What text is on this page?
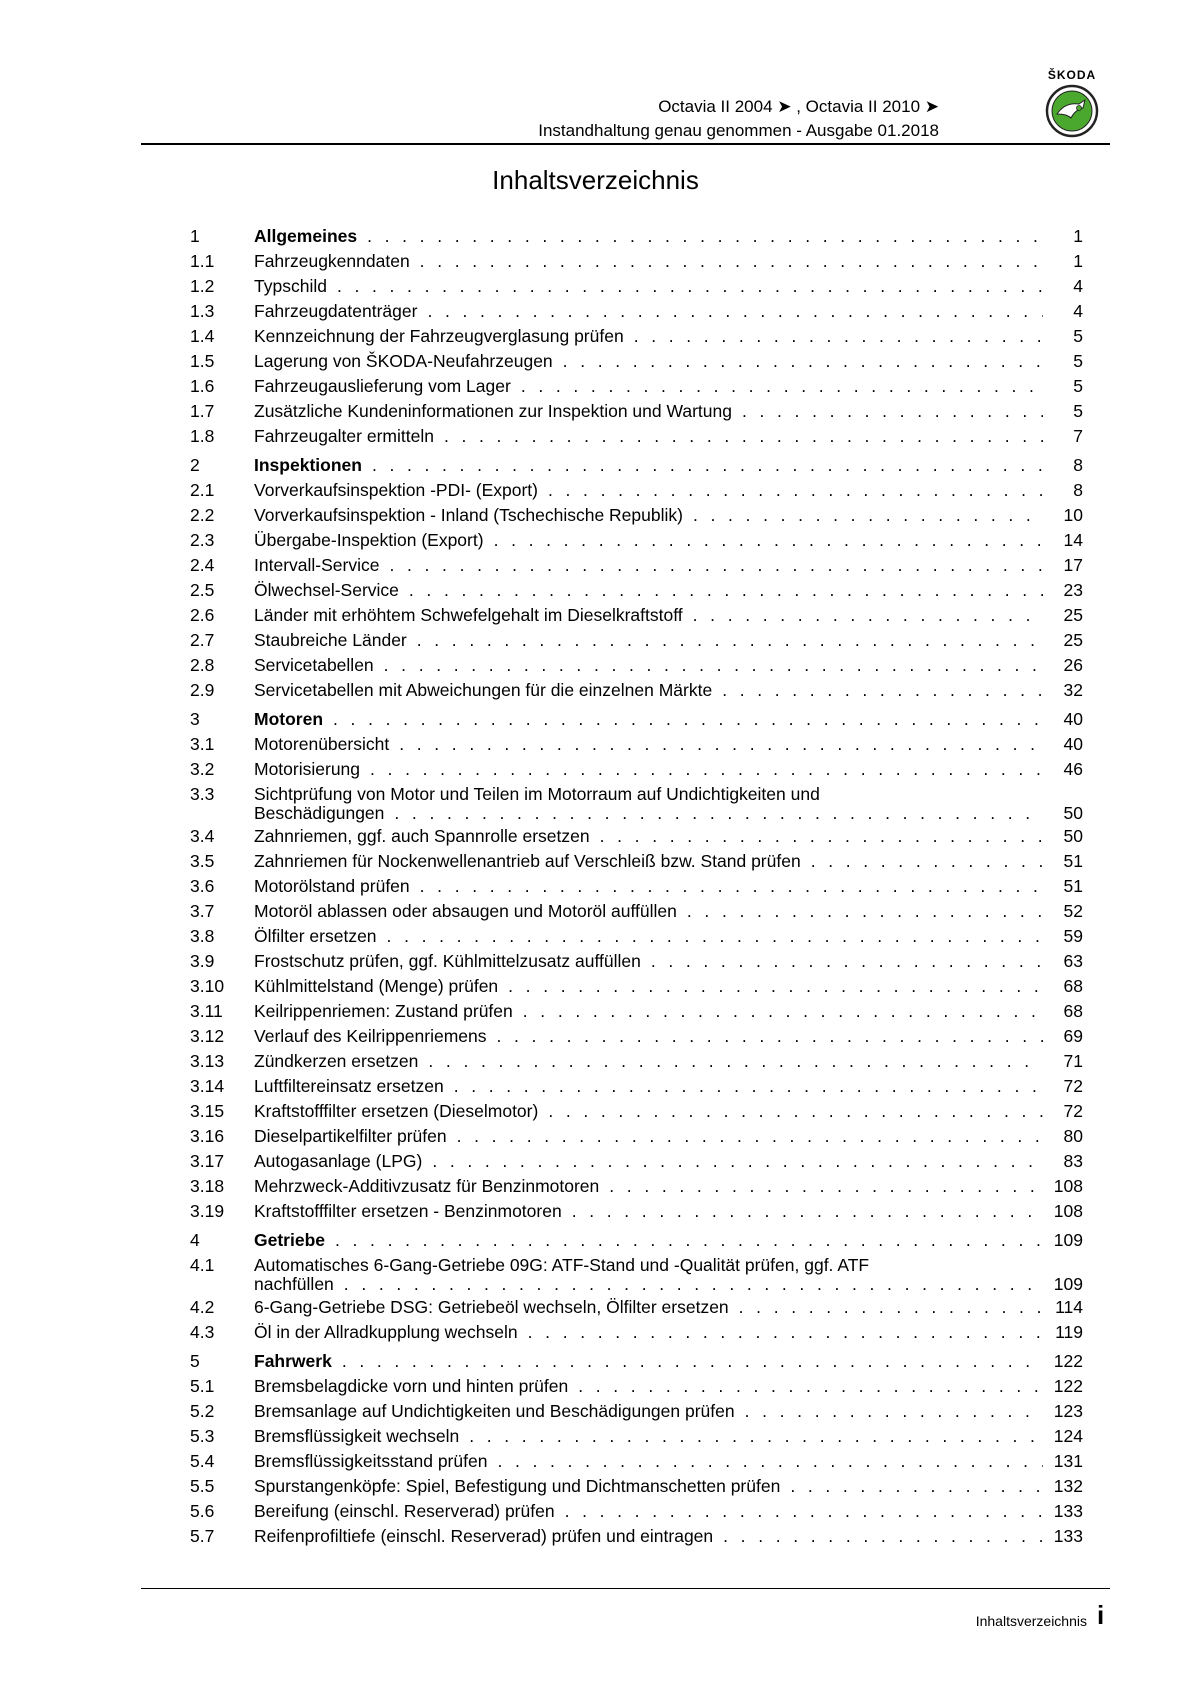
Octavia II 2004 ➤ , Octavia II 2010 ➤
Instandhaltung genau genommen - Ausgabe 01.2018
ŠKODA
Inhaltsverzeichnis
1	Allgemeines . . .	1
1.1	Fahrzeugkenndaten . . .	1
1.2	Typschild . . .	4
1.3	Fahrzeugdatenträger . . .	4
1.4	Kennzeichnung der Fahrzeugverglasung prüfen . . .	5
1.5	Lagerung von ŠKODA-Neufahrzeugen . . .	5
1.6	Fahrzeugauslieferung vom Lager . . .	5
1.7	Zusätzliche Kundeninformationen zur Inspektion und Wartung . . .	5
1.8	Fahrzeugalter ermitteln . . .	7
2	Inspektionen . . .	8
2.1	Vorverkaufsinspektion -PDI- (Export) . . .	8
2.2	Vorverkaufsinspektion - Inland (Tschechische Republik) . . .	10
2.3	Übergabe-Inspektion (Export) . . .	14
2.4	Intervall-Service . . .	17
2.5	Ölwechsel-Service . . .	23
2.6	Länder mit erhöhtem Schwefelgehalt im Dieselkraftstoff . . .	25
2.7	Staubreiche Länder . . .	25
2.8	Servicetabellen . . .	26
2.9	Servicetabellen mit Abweichungen für die einzelnen Märkte . . .	32
3	Motoren . . .	40
3.1	Motorenübersicht . . .	40
3.2	Motorisierung . . .	46
3.3	Sichtprüfung von Motor und Teilen im Motorraum auf Undichtigkeiten und
Beschädigungen . . .	50
3.4	Zahnriemen, ggf. auch Spannrolle ersetzen . . .	50
3.5	Zahnriemen für Nockenwellenantrieb auf Verschleiß bzw. Stand prüfen . . .	51
3.6	Motorölstand prüfen . . .	51
3.7	Motoröl ablassen oder absaugen und Motoröl auffüllen . . .	52
3.8	Ölfilter ersetzen . . .	59
3.9	Frostschutz prüfen, ggf. Kühlmittelzusatz auffüllen . . .	63
3.10	Kühlmittelstand (Menge) prüfen . . .	68
3.11	Keilrippenriemen: Zustand prüfen . . .	68
3.12	Verlauf des Keilrippenriemens . . .	69
3.13	Zündkerzen ersetzen . . .	71
3.14	Luftfiltereinsatz ersetzen . . .	72
3.15	Kraftstofffilter ersetzen (Dieselmotor) . . .	72
3.16	Dieselpartikelfilter prüfen . . .	80
3.17	Autogasanlage (LPG) . . .	83
3.18	Mehrzweck-Additivzusatz für Benzinmotoren . . .	108
3.19	Kraftstofffilter ersetzen - Benzinmotoren . . .	108
4	Getriebe . . .	109
4.1	Automatisches 6-Gang-Getriebe 09G: ATF-Stand und -Qualität prüfen, ggf. ATF
nachfüllen . . .	109
4.2	6-Gang-Getriebe DSG: Getriebeöl wechseln, Ölfilter ersetzen . . .	114
4.3	Öl in der Allradkupplung wechseln . . .	119
5	Fahrwerk . . .	122
5.1	Bremsbelagdicke vorn und hinten prüfen . . .	122
5.2	Bremsanlage auf Undichtigkeiten und Beschädigungen prüfen . . .	123
5.3	Bremsflüssigkeit wechseln . . .	124
5.4	Bremsflüssigkeitsstand prüfen . . .	131
5.5	Spurstangenköpfe: Spiel, Befestigung und Dichtmanschetten prüfen . . .	132
5.6	Bereifung (einschl. Reserverad) prüfen . . .	133
5.7	Reifenprofiltiefe (einschl. Reserverad) prüfen und eintragen . . .	133
Inhaltsverzeichnis i
